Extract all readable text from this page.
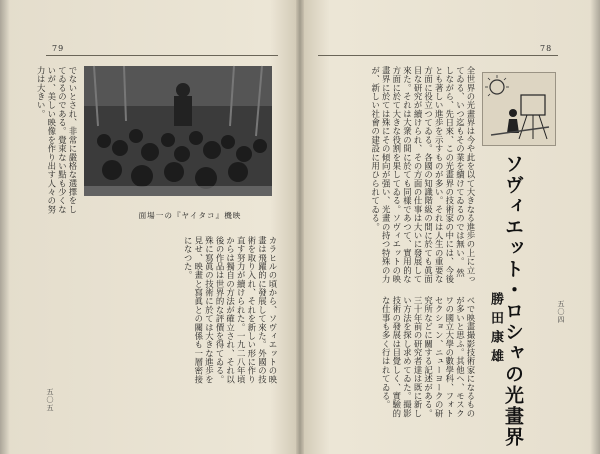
79
面場一の『ヤイタコ』機映
でないとされ、非常に嚴格な選擇をしてゐるのである。覺束ない點も少くないが、美しい映像を作り出す人々の努力は大きい。
カラヒルの頃から、ソヴィエットの映畫は飛躍的に發展して來た。外國の技術を取り入れ、それを新しい形に作り直す努力が續けられた。一九二八年頃からは獨自の方法が確立され、それ以後の作品は世界的な評價を得てゐる。殊に寫眞の技術に於ては大きな進歩を見せ、映畫と寫眞との關係も一層密接になつた。
五〇五
78
ソヴィエット・ロシャの光畫界
勝田康雄
全世界の光畫界は今や此を以て大きなる進歩の上に立ってゐる、いつ迄もその業を續けてゐるのでは無い。 然しながら、先日來、この光畫界の技術家の中には、今後とも著しい進歩を示すものが多い。それは人生の重要な方面に役立つてゐる。各國の知識階級の間に於ても眞面目な研究が續けられ、その方面の仕事は大いに發展して來た。それは大衆の間に於ても同樣であつて、實用的な方面に於て大きな役割を果してゐる。ソヴィエットの映畫界に於ては殊にその傾向が强い、光畫の持つ特殊の力が、新しい社會の建設に用ひられてゐる。
ベで映畫撮影技術家になるものが多いと思ふ。其他ヘ、モスクワの國立大學の數學科、フォトセクション、ニューヨークの研究所などに關する記述がある。三十年前の研究者達は既に新しい方法を探し求めてゐた。撮影技術の發展は目覺しく、實驗的な仕事も多く行はれてゐる。	五〇四
